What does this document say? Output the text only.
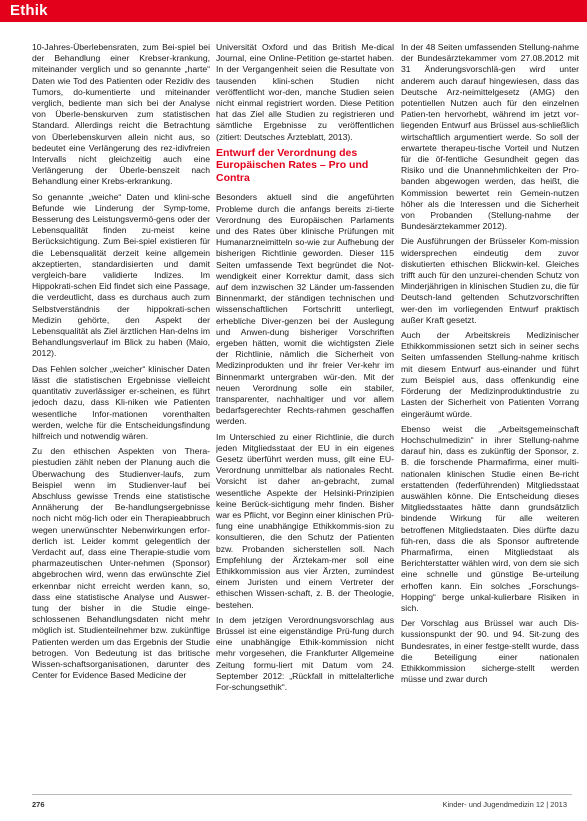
Ethik

10-Jahres-Überlebensraten, zum Bei-spiel bei der Behandlung einer Krebser-krankung, miteinander verglich und so genannte „harte“ Daten wie Tod des Patienten oder Rezidiv des Tumors, do-kumentierte und miteinander verglich, bediente man sich bei der Analyse von Überle-benskurven zum statistischen Standard. Allerdings reicht die Betrachtung von Überlebenskurven allein nicht aus, so bedeutet eine Verlängerung des rez-idivfreien Intervalls nicht gleichzeitig auch eine Verlängerung der Überle-benszeit nach Behandlung einer Krebs-erkrankung.

So genannte „weiche“ Daten und klini-sche Befunde wie Linderung der Symp-tome, Besserung des Leistungsvermö-gens oder der Lebensqualität finden zu-meist keine Berücksichtigung. Zum Bei-spiel existieren für die Lebensqualität derzeit keine allgemein akzeptierten, standardisierten und damit vergleich-bare validierte Indizes. Im Hippokrati-schen Eid findet sich eine Passage, die verdeutlicht, dass es durchaus auch zum Selbstverständnis der hippokrati-schen Medizin gehörte, den Aspekt der Lebensqualität als Ziel ärztlichen Han-delns im Behandlungsverlauf im Blick zu haben (Maio, 2012).

Das Fehlen solcher „weicher“ klinischer Daten lässt die statistischen Ergebnisse vielleicht quantitativ zuverlässiger er-scheinen, es führt jedoch dazu, dass Kli-niken wie Patienten wesentliche Infor-mationen vorenthalten werden, welche für die Entscheidungsfindung hilfreich und notwendig wären.

Zu den ethischen Aspekten von Thera-piestudien zählt neben der Planung auch die Überwachung des Studienver-laufs, zum Beispiel wenn im Studienver-lauf bei Abschluss gewisse Trends eine statistische Annäherung der Be-handlungsergebnisse noch nicht mög-lich oder ein Therapieabbruch wegen unerwünschter Nebenwirkungen erfor-derlich ist. Leider kommt gelegentlich der Verdacht auf, dass eine Therapie-studie vom pharmazeutischen Unter-nehmen (Sponsor) abgebrochen wird, wenn das erwünschte Ziel erkennbar nicht erreicht werden kann, so, dass eine statistische Analyse und Auswer-tung der bisher in die Studie einge-schlossenen Behandlungsdaten nicht mehr möglich ist. Studienteilnehmer bzw. zukünftige Patienten werden um das Ergebnis der Studie betrogen. Von Bedeutung ist das britische Wissen-schaftsorganisationen, darunter des Center for Evidence Based Medicine der

Universität Oxford und das British Me-dical Journal, eine Online-Petition ge-startet haben. In der Vergangenheit seien die Resultate von tausenden klini-schen Studien nicht veröffentlicht wor-den, manche Studien seien nicht einmal registriert worden. Diese Petition hat das Ziel alle Studien zu registrieren und sämtliche Ergebnisse zu veröffentlichen (zitiert: Deutsches Ärzteblatt, 2013).

Entwurf der Verordnung des Europäischen Rates – Pro und Contra

Besonders aktuell sind die angeführten Probleme durch die anfangs bereits zi-tierte Verordnung des Europäischen Parlaments und des Rates über klinische Prüfungen mit Humanarzneimitteln so-wie zur Aufhebung der bisherigen Richtlinie geworden. Dieser 115 Seiten umfassende Text begründet die Not-wendigkeit einer Korrektur damit, dass sich auf dem inzwischen 32 Länder um-fassenden Binnenmarkt, der ständigen technischen und wissenschaftlichen Fortschritt unterliegt, erhebliche Diver-genzen bei der Auslegung und Anwen-dung bisheriger Vorschriften ergeben hätten, womit die wichtigsten Ziele der Richtlinie, nämlich die Sicherheit von Medizinprodukten und ihr freier Ver-kehr im Binnenmarkt untergraben wür-den. Mit der neuen Verordnung solle ein stabiler, transparenter, nachhaltiger und vor allem bedarfsgerechter Rechts-rahmen geschaffen werden.

Im Unterschied zu einer Richtlinie, die durch jeden Mitgliedsstaat der EU in ein eigenes Gesetz überführt werden muss, gilt eine EU-Verordnung unmittelbar als nationales Recht. Vorsicht ist daher an-gebracht, zumal wesentliche Aspekte der Helsinki-Prinzipien keine Berück-sichtigung mehr finden. Bisher war es Pflicht, vor Beginn einer klinischen Prü-fung eine unabhängige Ethikkommis-sion zu konsultieren, die den Schutz der Patienten bzw. Probanden sicherstellen soll. Nach Empfehlung der Ärztekam-mer soll eine Ethikkommission aus vier Ärzten, zumindest einem Juristen und einem Vertreter der ethischen Wissen-schaft, z. B. der Theologie, bestehen.

In dem jetzigen Verordnungsvorschlag aus Brüssel ist eine eigenständige Prü-fung durch eine unabhängige Ethik-kommission nicht mehr vorgesehen, die Frankfurter Allgemeine Zeitung formu-liert mit Datum vom 24. September 2012: „Rückfall in mittelalterliche For-schungsethik“.

In der 48 Seiten umfassenden Stellung-nahme der Bundesärztekammer vom 27.08.2012 mit 31 Änderungsvorschlä-gen wird unter anderem auch darauf hingewiesen, dass das Deutsche Arz-neimittelgesetz (AMG) den potentiellen Nutzen auch für den einzelnen Patien-ten hervorhebt, während im jetzt vor-liegenden Entwurf aus Brüssel aus-schließlich wirtschaftlich argumentiert werde. So soll der erwartete therapeu-tische Vorteil und Nutzen für die öf-fentliche Gesundheit gegen das Risiko und die Unannehmlichkeiten der Pro-banden abgewogen werden, das heißt, die Kommission bewertet rein Gemein-nutzen höher als die Interessen und die Sicherheit von Probanden (Stellung-nahme der Bundesärztekammer 2012).

Die Ausführungen der Brüsseler Kom-mission widersprechen eindeutig dem zuvor diskutierten ethischen Blickwin-kel. Gleiches trifft auch für den unzurei-chenden Schutz von Minderjährigen in klinischen Studien zu, die für Deutsch-land geltenden Schutzvorschriften wer-den im vorliegenden Entwurf praktisch außer Kraft gesetzt.

Auch der Arbeitskreis Medizinischer Ethikkommissionen setzt sich in seiner sechs Seiten umfassenden Stellung-nahme kritisch mit diesem Entwurf aus-einander und führt zum Beispiel aus, dass offenkundig eine Förderung der Medizinproduktindustrie zu Lasten der Sicherheit von Patienten Vorrang eingeräumt würde.

Ebenso weist die „Arbeitsgemeinschaft Hochschulmedizin“ in ihrer Stellung-nahme darauf hin, dass es zukünftig der Sponsor, z. B. die forschende Pharmafirma, einer multi-nationalen klinischen Studie einen Be-richt erstattenden (federführenden) Mitgliedsstaat auswählen könne. Die Entscheidung dieses Mitgliedsstaates hätte dann grundsätzlich bindende Wirkung für alle weiteren betroffenen Mitgliedstaaten. Dies dürfte dazu füh-ren, dass die als Sponsor auftretende Pharmafirma, einen Mitgliedstaat als Berichterstatter wählen wird, von dem sie sich eine schnelle und günstige Be-urteilung erhoffen kann. Ein solches „Forschungs-Hopping“ berge unkal-kulierbare Risiken in sich.

Der Vorschlag aus Brüssel war auch Dis-kussionspunkt der 90. und 94. Sit-zung des Bundesrates, in einer festge-stellt wurde, dass die Beteiligung einer nationalen Ethikkommission sicherge-stellt werden müsse und zwar durch

276	Kinder- und Jugendmedizin 12 | 2013
